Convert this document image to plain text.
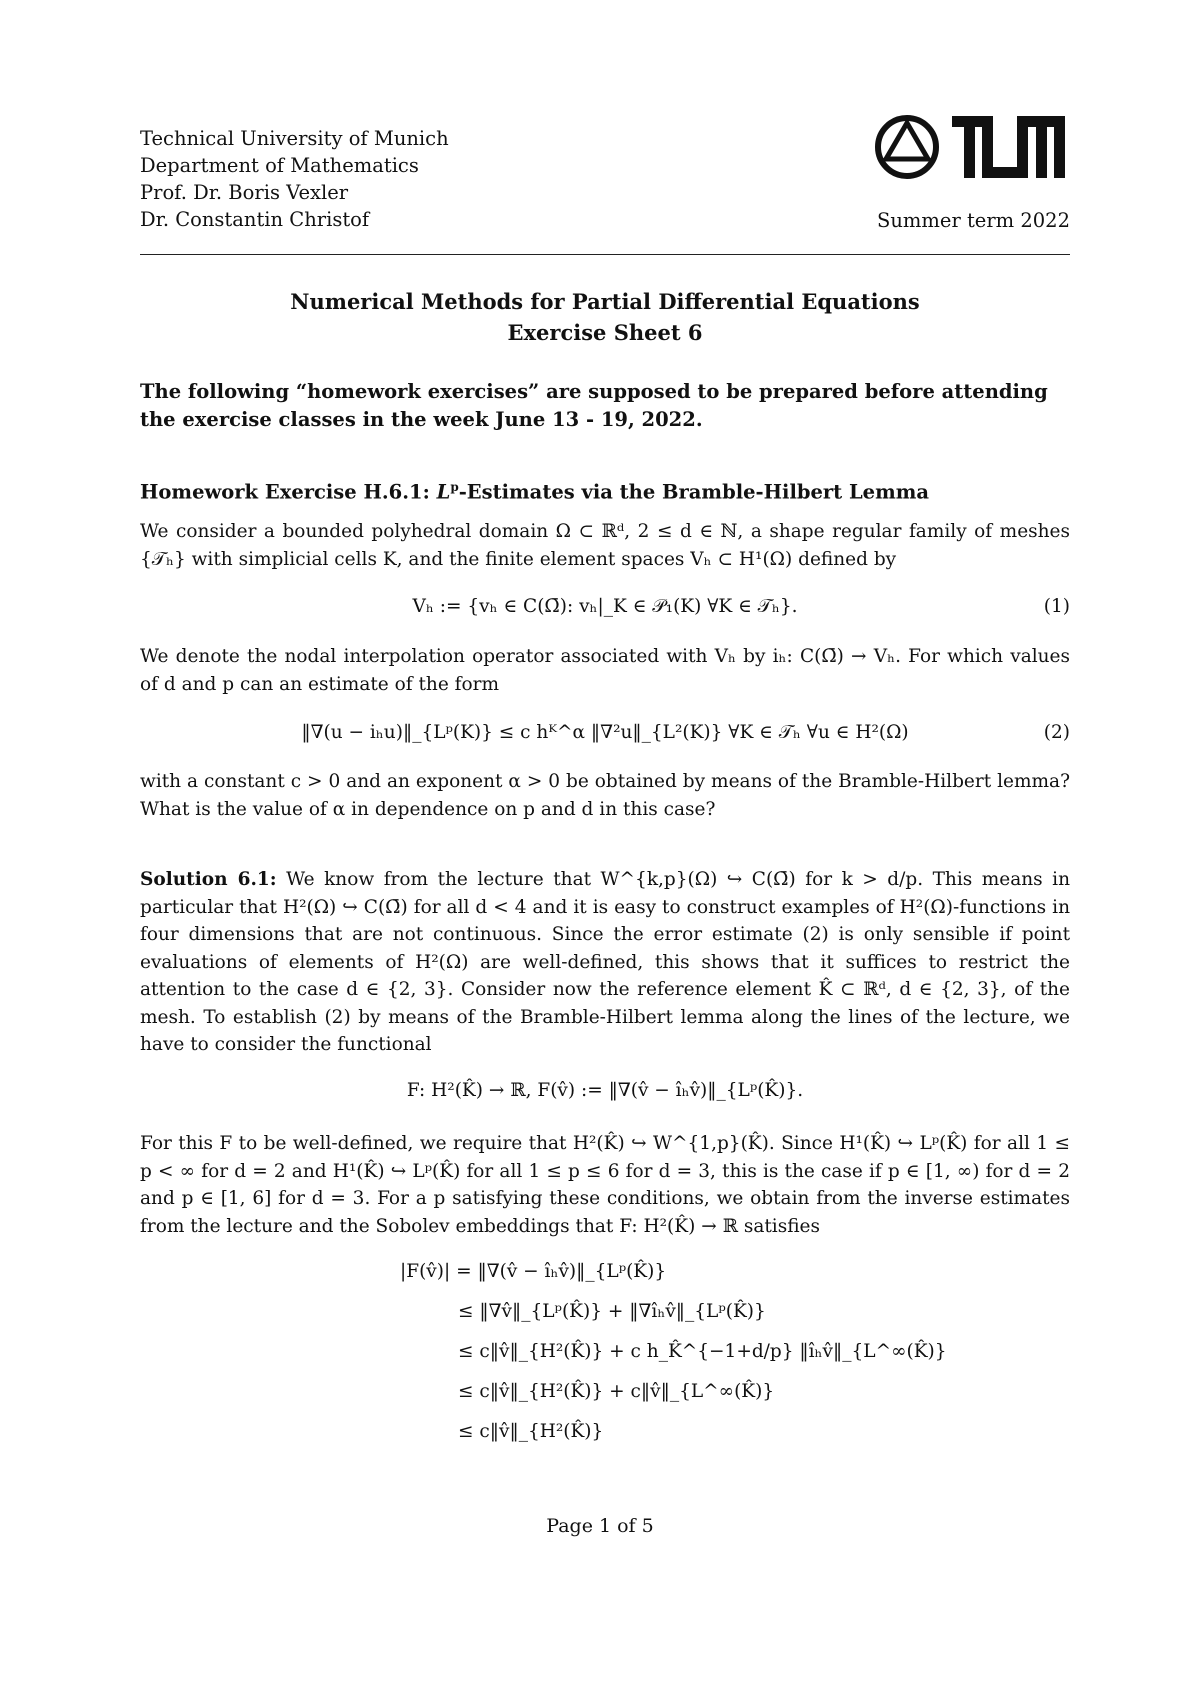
Technical University of Munich
Department of Mathematics
Prof. Dr. Boris Vexler
Dr. Constantin Christof	Summer term 2022
Numerical Methods for Partial Differential Equations
Exercise Sheet 6
The following “homework exercises” are supposed to be prepared before attending the exercise classes in the week June 13 - 19, 2022.
Homework Exercise H.6.1: $L^p$-Estimates via the Bramble-Hilbert Lemma
We consider a bounded polyhedral domain Ω ⊂ ℝᵈ, 2 ≤ d ∈ ℕ, a shape regular family of meshes {𝒯ₕ} with simplicial cells K, and the finite element spaces Vₕ ⊂ H¹(Ω) defined by
Vₕ := {vₕ ∈ C(Ω̄): vₕ|_K ∈ 𝒫₁(K) ∀K ∈ 𝒯ₕ}.	(1)
We denote the nodal interpolation operator associated with Vₕ by iₕ: C(Ω̄) → Vₕ. For which values of d and p can an estimate of the form
‖∇(u − iₕu)‖_{Lᵖ(K)} ≤ c hᴷ^α ‖∇²u‖_{L²(K)} ∀K ∈ 𝒯ₕ ∀u ∈ H²(Ω)	(2)
with a constant c > 0 and an exponent α > 0 be obtained by means of the Bramble-Hilbert lemma? What is the value of α in dependence on p and d in this case?
Solution 6.1: We know from the lecture that W^{k,p}(Ω) ↪ C(Ω̄) for k > d/p. This means in particular that H²(Ω) ↪ C(Ω̄) for all d < 4 and it is easy to construct examples of H²(Ω)-functions in four dimensions that are not continuous. Since the error estimate (2) is only sensible if point evaluations of elements of H²(Ω) are well-defined, this shows that it suffices to restrict the attention to the case d ∈ {2, 3}. Consider now the reference element K̂ ⊂ ℝᵈ, d ∈ {2, 3}, of the mesh. To establish (2) by means of the Bramble-Hilbert lemma along the lines of the lecture, we have to consider the functional
F: H²(K̂) → ℝ, F(v̂) := ‖∇(v̂ − îₕv̂)‖_{Lᵖ(K̂)}.
For this F to be well-defined, we require that H²(K̂) ↪ W^{1,p}(K̂). Since H¹(K̂) ↪ Lᵖ(K̂) for all 1 ≤ p < ∞ for d = 2 and H¹(K̂) ↪ Lᵖ(K̂) for all 1 ≤ p ≤ 6 for d = 3, this is the case if p ∈ [1, ∞) for d = 2 and p ∈ [1, 6] for d = 3. For a p satisfying these conditions, we obtain from the inverse estimates from the lecture and the Sobolev embeddings that F: H²(K̂) → ℝ satisfies
|F(v̂)| = ‖∇(v̂ − îₕv̂)‖_{Lᵖ(K̂)}
≤ ‖∇v̂‖_{Lᵖ(K̂)} + ‖∇îₕv̂‖_{Lᵖ(K̂)}
≤ c‖v̂‖_{H²(K̂)} + c h_K̂^{−1+d/p} ‖îₕv̂‖_{L^∞(K̂)}
≤ c‖v̂‖_{H²(K̂)} + c‖v̂‖_{L^∞(K̂)}
≤ c‖v̂‖_{H²(K̂)}
Page 1 of 5
